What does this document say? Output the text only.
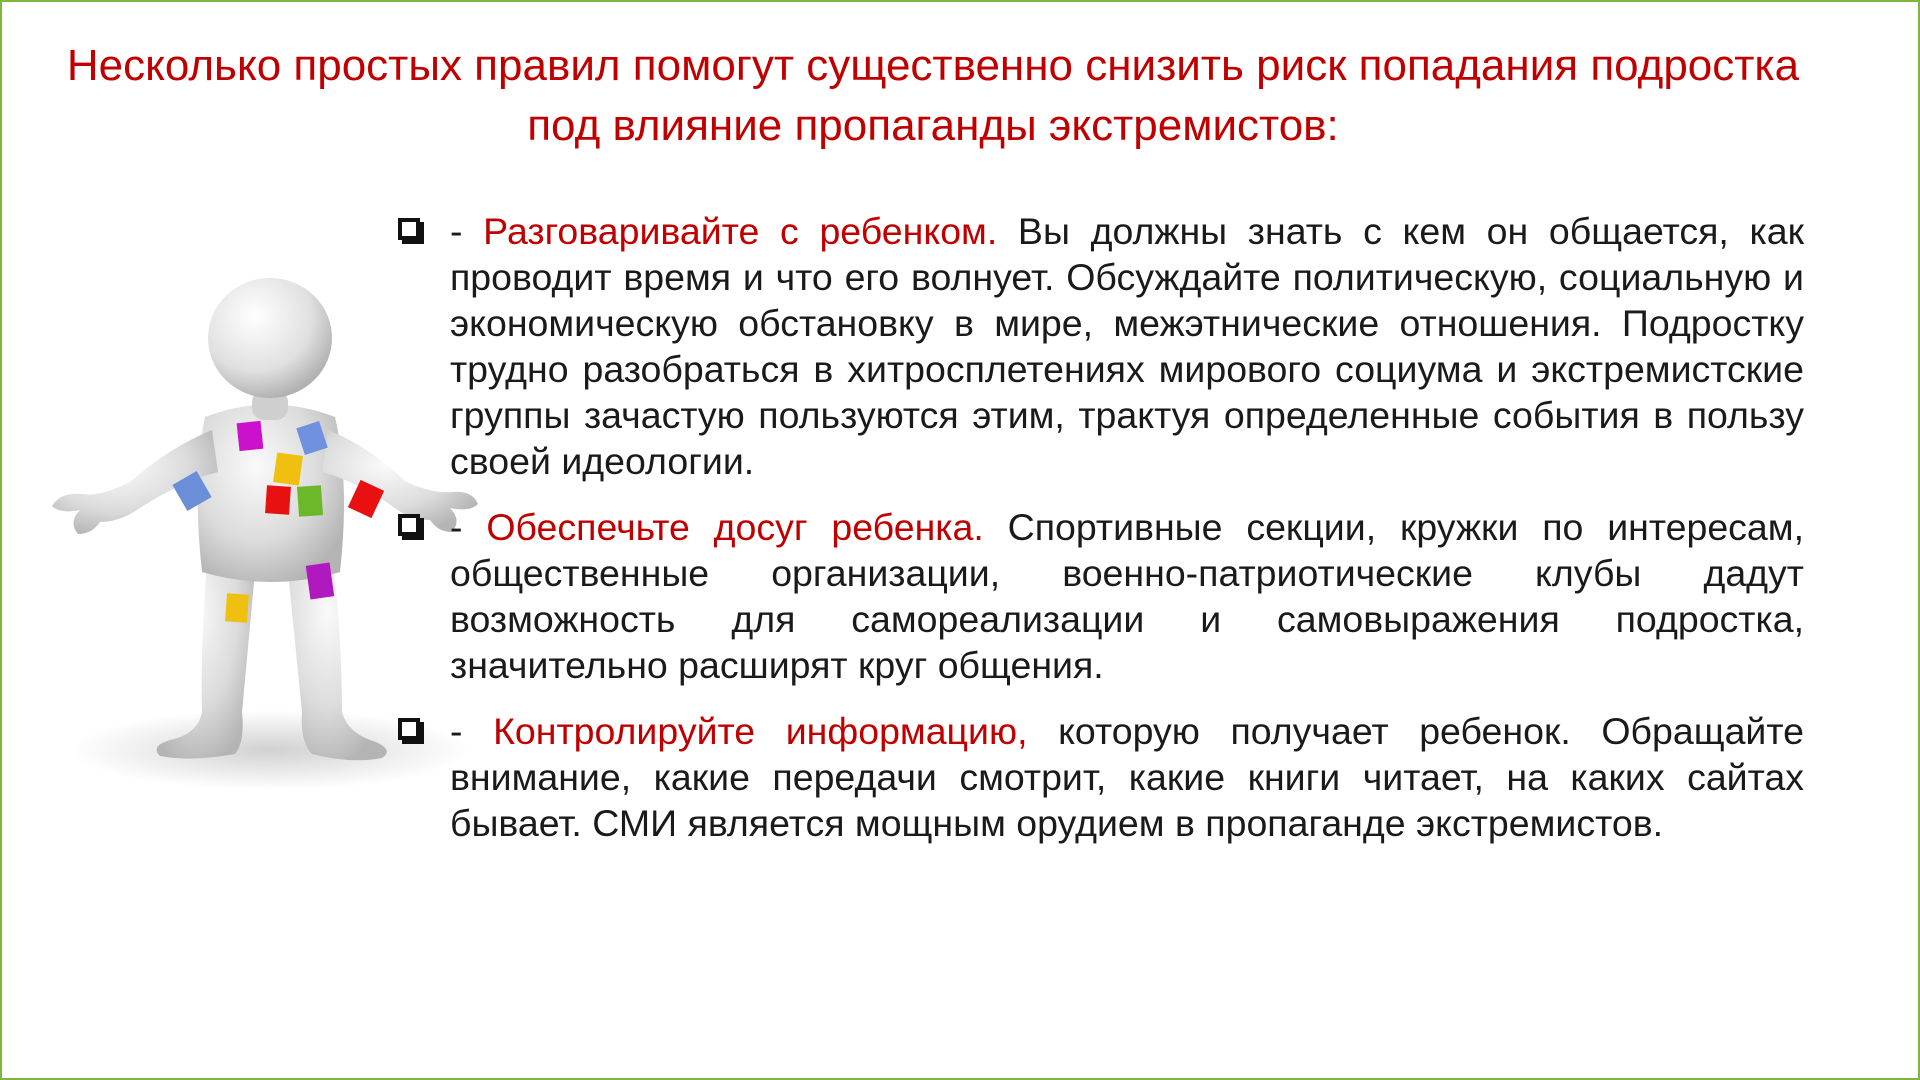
Несколько простых правил помогут существенно снизить риск попадания подростка под влияние пропаганды экстремистов:
- Разговаривайте с ребенком. Вы должны знать с кем он общается, как проводит время и что его волнует. Обсуждайте политическую, социальную и экономическую обстановку в мире, межэтнические отношения. Подростку трудно разобраться в хитросплетениях мирового социума и экстремистские группы зачастую пользуются этим, трактуя определенные события в пользу своей идеологии.
- Обеспечьте досуг ребенка. Спортивные секции, кружки по интересам, общественные организации, военно-патриотические клубы дадут возможность для самореализации и самовыражения подростка, значительно расширят круг общения.
- Контролируйте информацию, которую получает ребенок. Обращайте внимание, какие передачи смотрит, какие книги читает, на каких сайтах бывает. СМИ является мощным орудием в пропаганде экстремистов.
